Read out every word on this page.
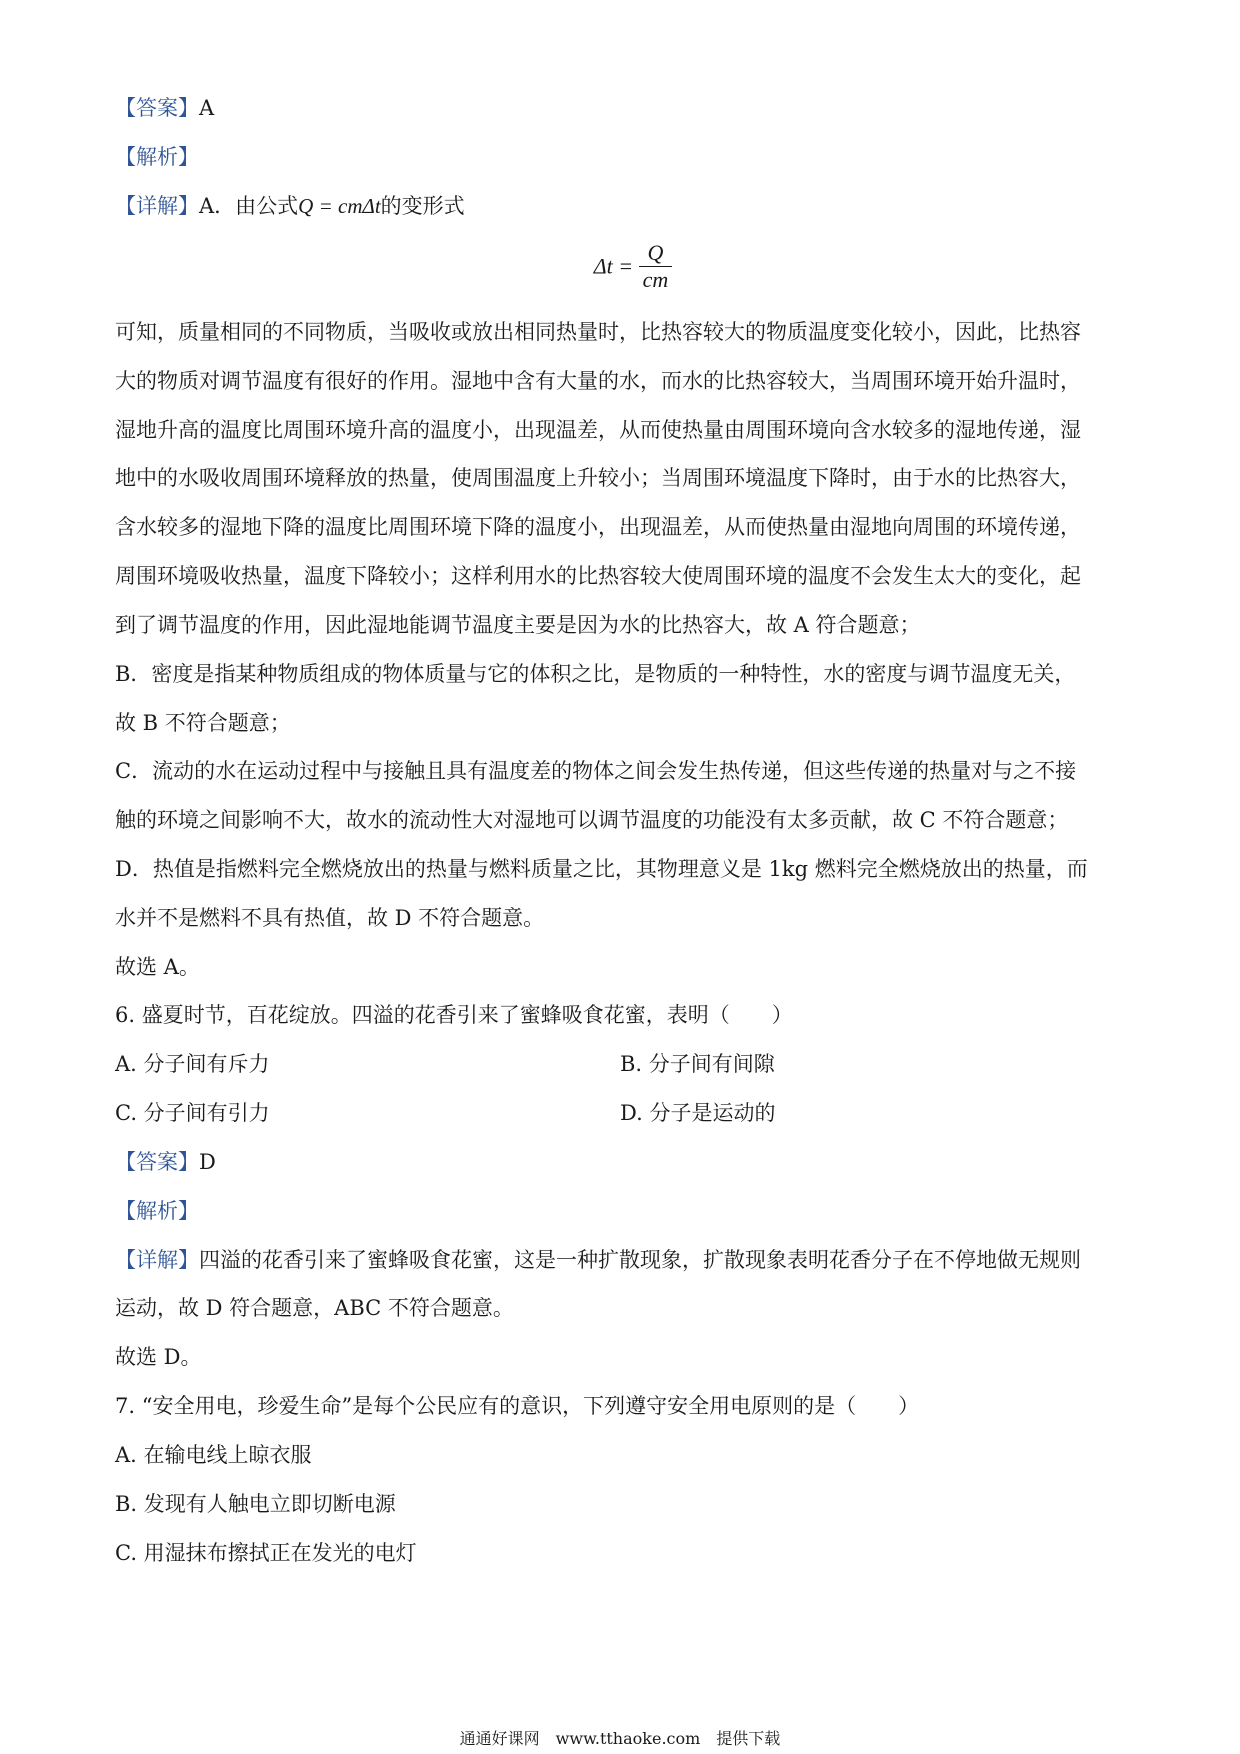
【答案】A
【解析】
【详解】A．由公式Q = cmΔt的变形式
$\Delta t = \frac{Q}{cm}$
可知，质量相同的不同物质，当吸收或放出相同热量时，比热容较大的物质温度变化较小，因此，比热容
大的物质对调节温度有很好的作用。湿地中含有大量的水，而水的比热容较大，当周围环境开始升温时，
湿地升高的温度比周围环境升高的温度小，出现温差，从而使热量由周围环境向含水较多的湿地传递，湿
地中的水吸收周围环境释放的热量，使周围温度上升较小；当周围环境温度下降时，由于水的比热容大，
含水较多的湿地下降的温度比周围环境下降的温度小，出现温差，从而使热量由湿地向周围的环境传递，
周围环境吸收热量，温度下降较小；这样利用水的比热容较大使周围环境的温度不会发生太大的变化，起
到了调节温度的作用，因此湿地能调节温度主要是因为水的比热容大，故 A 符合题意；
B．密度是指某种物质组成的物体质量与它的体积之比，是物质的一种特性，水的密度与调节温度无关，
故 B 不符合题意；
C．流动的水在运动过程中与接触且具有温度差的物体之间会发生热传递，但这些传递的热量对与之不接
触的环境之间影响不大，故水的流动性大对湿地可以调节温度的功能没有太多贡献，故 C 不符合题意；
D．热值是指燃料完全燃烧放出的热量与燃料质量之比，其物理意义是 1kg 燃料完全燃烧放出的热量，而
水并不是燃料不具有热值，故 D 不符合题意。
故选 A。
6. 盛夏时节，百花绽放。四溢的花香引来了蜜蜂吸食花蜜，表明（　　）
A. 分子间有斥力	B. 分子间有间隙
C. 分子间有引力	D. 分子是运动的
【答案】D
【解析】
【详解】四溢的花香引来了蜜蜂吸食花蜜，这是一种扩散现象，扩散现象表明花香分子在不停地做无规则
运动，故 D 符合题意，ABC 不符合题意。
故选 D。
7. “安全用电，珍爱生命”是每个公民应有的意识，下列遵守安全用电原则的是（　　）
A. 在输电线上晾衣服
B. 发现有人触电立即切断电源
C. 用湿抹布擦拭正在发光的电灯
通通好课网　www.tthaoke.com　提供下载
